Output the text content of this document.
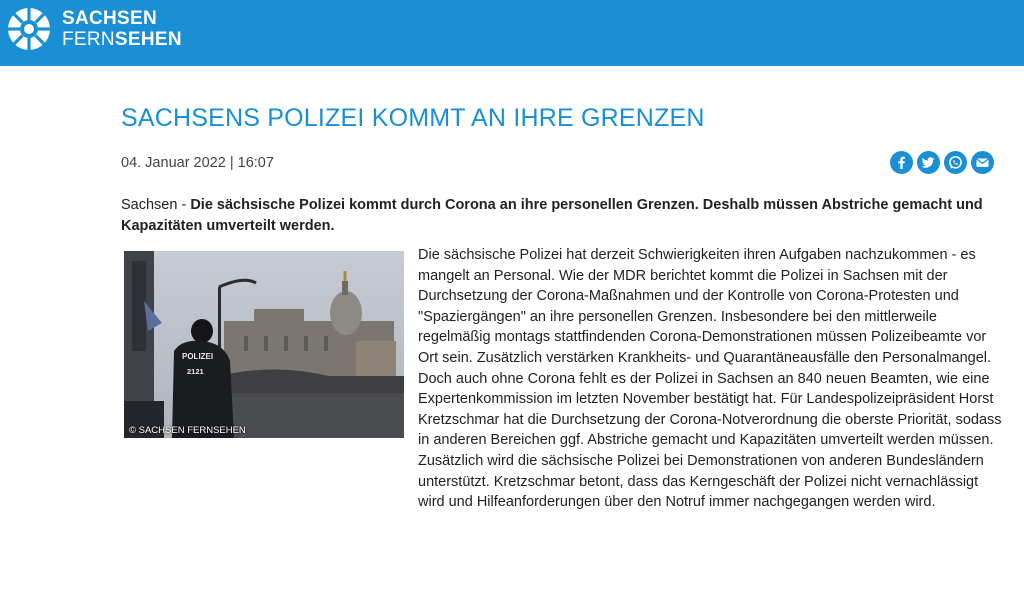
SACHSEN
FERNSEHEN
SACHSENS POLIZEI KOMMT AN IHRE GRENZEN
04. Januar 2022 | 16:07
Sachsen - Die sächsische Polizei kommt durch Corona an ihre personellen Grenzen. Deshalb müssen Abstriche gemacht und Kapazitäten umverteilt werden.
POLIZEI
2121
© SACHSEN FERNSEHEN

Die sächsische Polizei hat derzeit Schwierigkeiten ihren Aufgaben nachzukommen - es mangelt an Personal. Wie der MDR berichtet kommt die Polizei in Sachsen mit der Durchsetzung der Corona-Maßnahmen und der Kontrolle von Corona-Protesten und "Spaziergängen" an ihre personellen Grenzen. Insbesondere bei den mittlerweile regelmäßig montags stattfindenden Corona-Demonstrationen müssen Polizeibeamte vor Ort sein. Zusätzlich verstärken Krankheits- und Quarantäneausfälle den Personalmangel. Doch auch ohne Corona fehlt es der Polizei in Sachsen an 840 neuen Beamten, wie eine Expertenkommission im letzten November bestätigt hat. Für Landespolizeipräsident Horst Kretzschmar hat die Durchsetzung der Corona-Notverordnung die oberste Priorität, sodass in anderen Bereichen ggf. Abstriche gemacht und Kapazitäten umverteilt werden müssen. Zusätzlich wird die sächsische Polizei bei Demonstrationen von anderen Bundesländern unterstützt. Kretzschmar betont, dass das Kerngeschäft der Polizei nicht vernachlässigt wird und Hilfeanforderungen über den Notruf immer nachgegangen werden wird.
